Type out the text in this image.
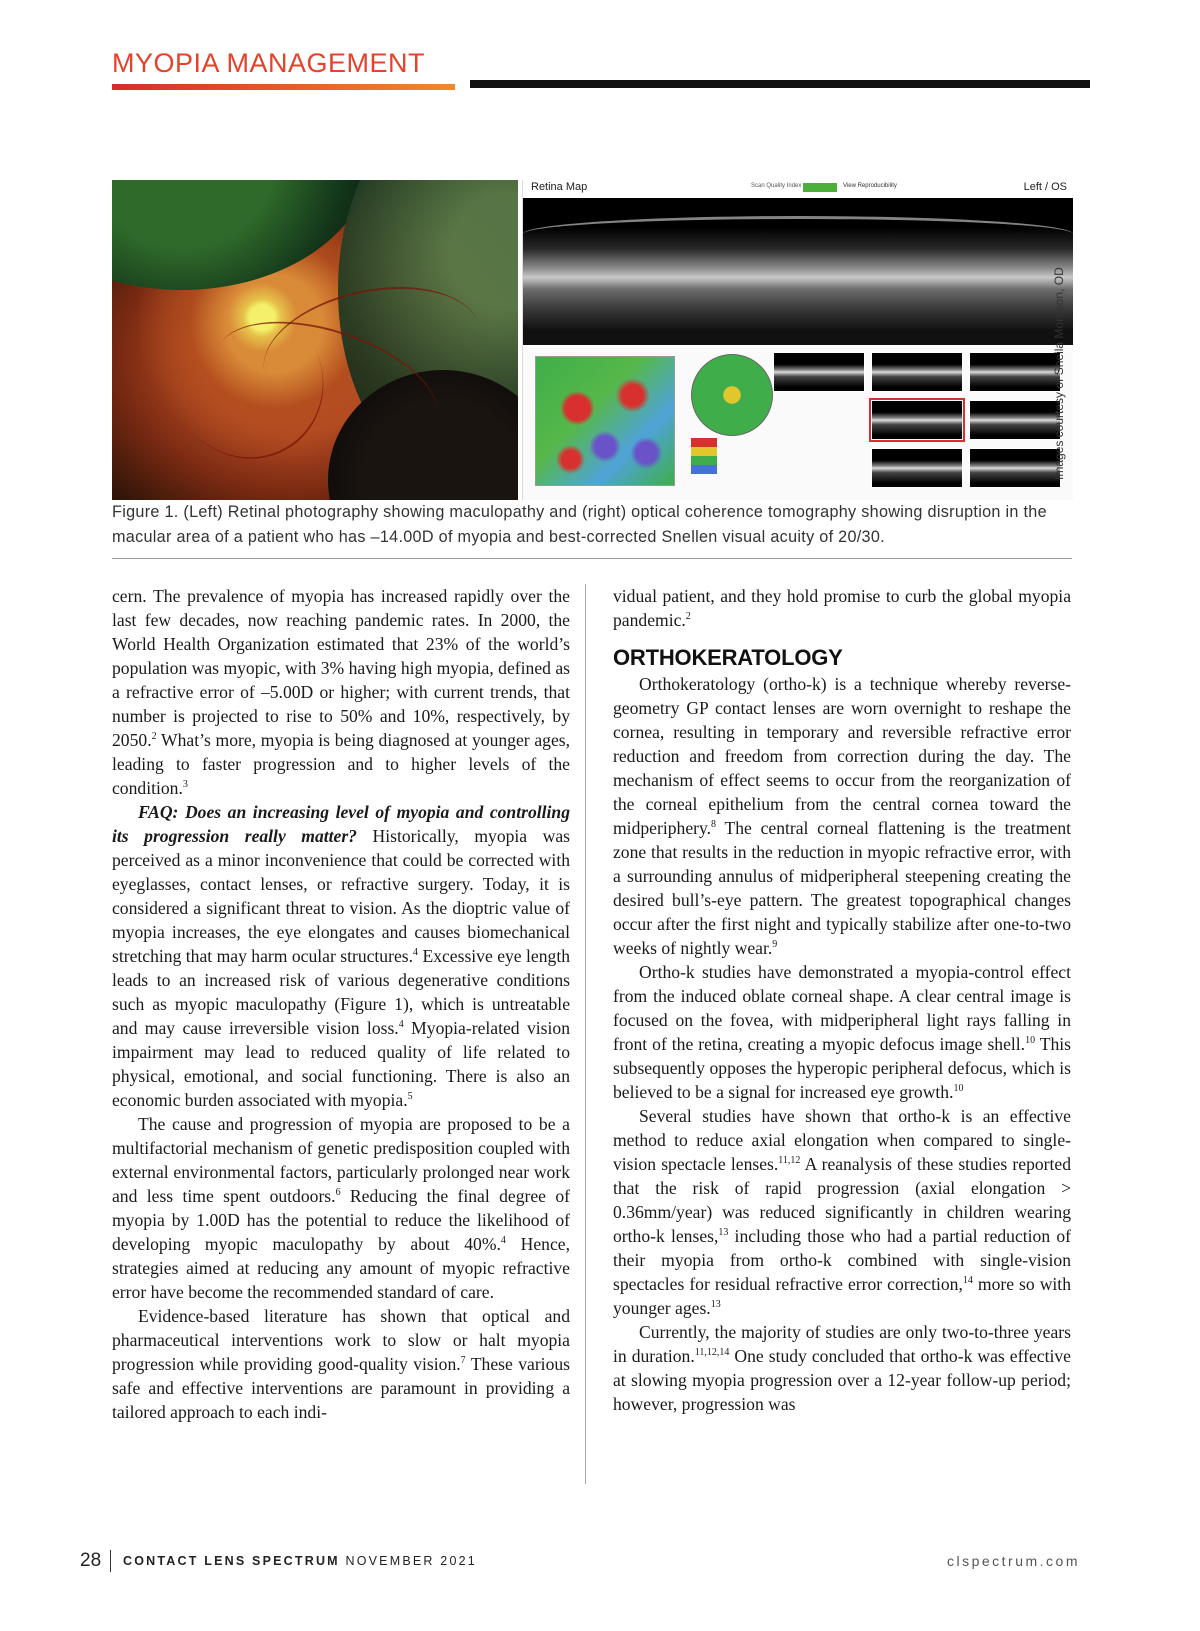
MYOPIA MANAGEMENT
Retina Map	Scan Quality Index	View Reproducibility	Left / OS
Images courtesy of Sheila Morrison, OD
Figure 1. (Left) Retinal photography showing maculopathy and (right) optical coherence tomography showing disruption in the macular area of a patient who has –14.00D of myopia and best-corrected Snellen visual acuity of 20/30.

cern. The prevalence of myopia has increased rapidly over the last few decades, now reaching pandemic rates. In 2000, the World Health Organization estimated that 23% of the world’s population was myopic, with 3% having high myopia, defined as a refractive error of –5.00D or higher; with current trends, that number is projected to rise to 50% and 10%, respectively, by 2050.$^2$ What’s more, myopia is being diagnosed at younger ages, leading to faster progression and to higher levels of the condition.$^3$

FAQ: Does an increasing level of myopia and controlling its progression really matter? Historically, myopia was perceived as a minor inconvenience that could be corrected with eyeglasses, contact lenses, or refractive surgery. Today, it is considered a significant threat to vision. As the dioptric value of myopia increases, the eye elongates and causes biomechanical stretching that may harm ocular structures.$^4$ Excessive eye length leads to an increased risk of various degenerative conditions such as myopic maculopathy (Figure 1), which is untreatable and may cause irreversible vision loss.$^4$ Myopia-related vision impairment may lead to reduced quality of life related to physical, emotional, and social functioning. There is also an economic burden associated with myopia.$^5$

The cause and progression of myopia are proposed to be a multifactorial mechanism of genetic predisposition coupled with external environmental factors, particularly prolonged near work and less time spent outdoors.$^6$ Reducing the final degree of myopia by 1.00D has the potential to reduce the likelihood of developing myopic maculopathy by about 40%.$^4$ Hence, strategies aimed at reducing any amount of myopic refractive error have become the recommended standard of care.

Evidence-based literature has shown that optical and pharmaceutical interventions work to slow or halt myopia progression while providing good-quality vision.$^7$ These various safe and effective interventions are paramount in providing a tailored approach to each indi-

vidual patient, and they hold promise to curb the global myopia pandemic.$^2$

ORTHOKERATOLOGY

Orthokeratology (ortho-k) is a technique whereby reverse-geometry GP contact lenses are worn overnight to reshape the cornea, resulting in temporary and reversible refractive error reduction and freedom from correction during the day. The mechanism of effect seems to occur from the reorganization of the corneal epithelium from the central cornea toward the midperiphery.$^8$ The central corneal flattening is the treatment zone that results in the reduction in myopic refractive error, with a surrounding annulus of midperipheral steepening creating the desired bull’s-eye pattern. The greatest topographical changes occur after the first night and typically stabilize after one-to-two weeks of nightly wear.$^9$

Ortho-k studies have demonstrated a myopia-control effect from the induced oblate corneal shape. A clear central image is focused on the fovea, with midperipheral light rays falling in front of the retina, creating a myopic defocus image shell.$^{10}$ This subsequently opposes the hyperopic peripheral defocus, which is believed to be a signal for increased eye growth.$^{10}$

Several studies have shown that ortho-k is an effective method to reduce axial elongation when compared to single-vision spectacle lenses.$^{11,12}$ A reanalysis of these studies reported that the risk of rapid progression (axial elongation > 0.36mm/year) was reduced significantly in children wearing ortho-k lenses,$^{13}$ including those who had a partial reduction of their myopia from ortho-k combined with single-vision spectacles for residual refractive error correction,$^{14}$ more so with younger ages.$^{13}$

Currently, the majority of studies are only two-to-three years in duration.$^{11,12,14}$ One study concluded that ortho-k was effective at slowing myopia progression over a 12-year follow-up period; however, progression was

28 CONTACT LENS SPECTRUM NOVEMBER 2021	clspectrum.com
